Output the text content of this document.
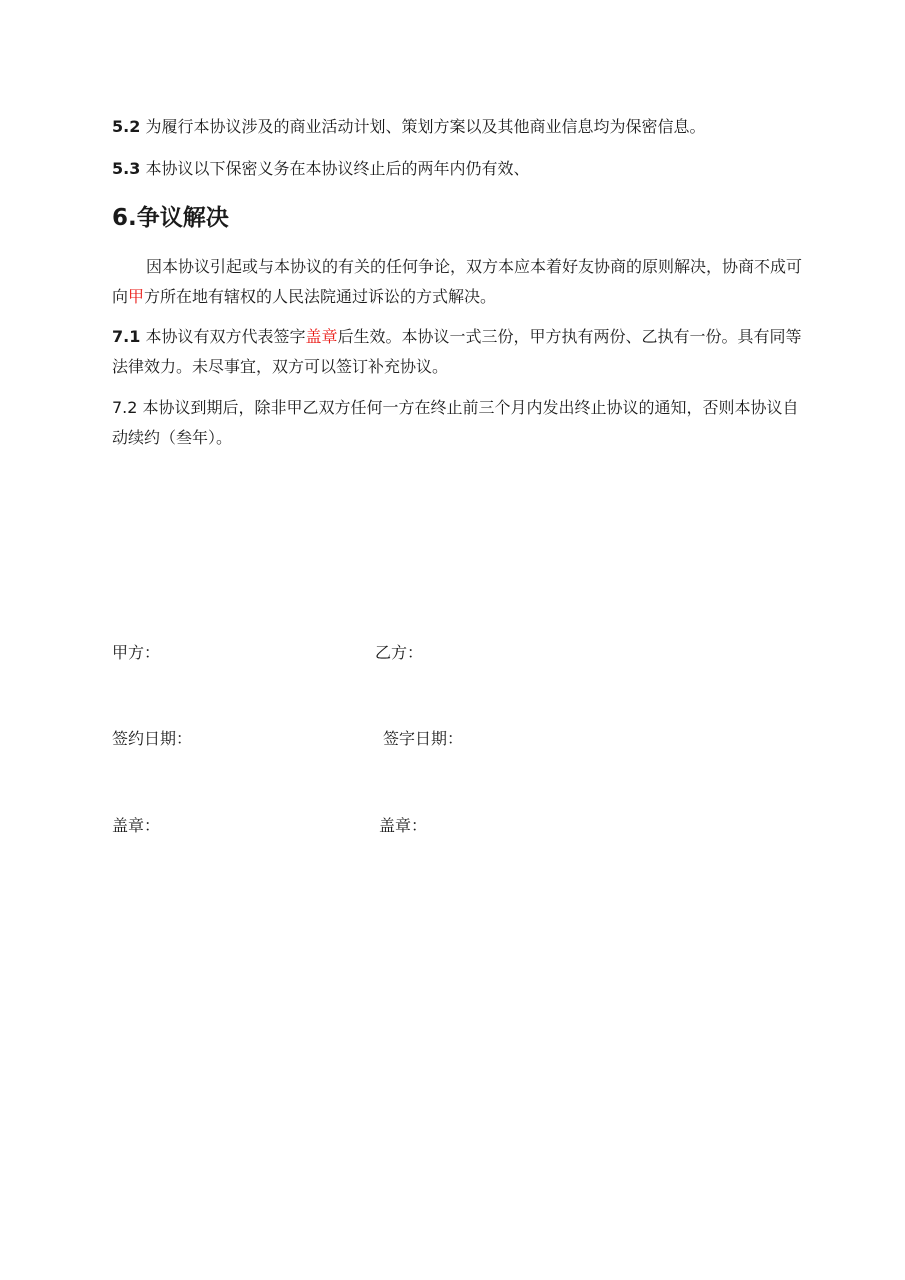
5.2 为履行本协议涉及的商业活动计划、策划方案以及其他商业信息均为保密信息。

5.3 本协议以下保密义务在本协议终止后的两年内仍有效、

6.争议解决

因本协议引起或与本协议的有关的任何争论，双方本应本着好友协商的原则解决，协商不成可向甲方所在地有辖权的人民法院通过诉讼的方式解决。

7.1 本协议有双方代表签字盖章后生效。本协议一式三份，甲方执有两份、乙执有一份。具有同等法律效力。未尽事宜，双方可以签订补充协议。

7.2 本协议到期后，除非甲乙双方任何一方在终止前三个月内发出终止协议的通知，否则本协议自动续约（叁年）。

甲方：	乙方：

签约日期：	签字日期：

盖章：	盖章：
